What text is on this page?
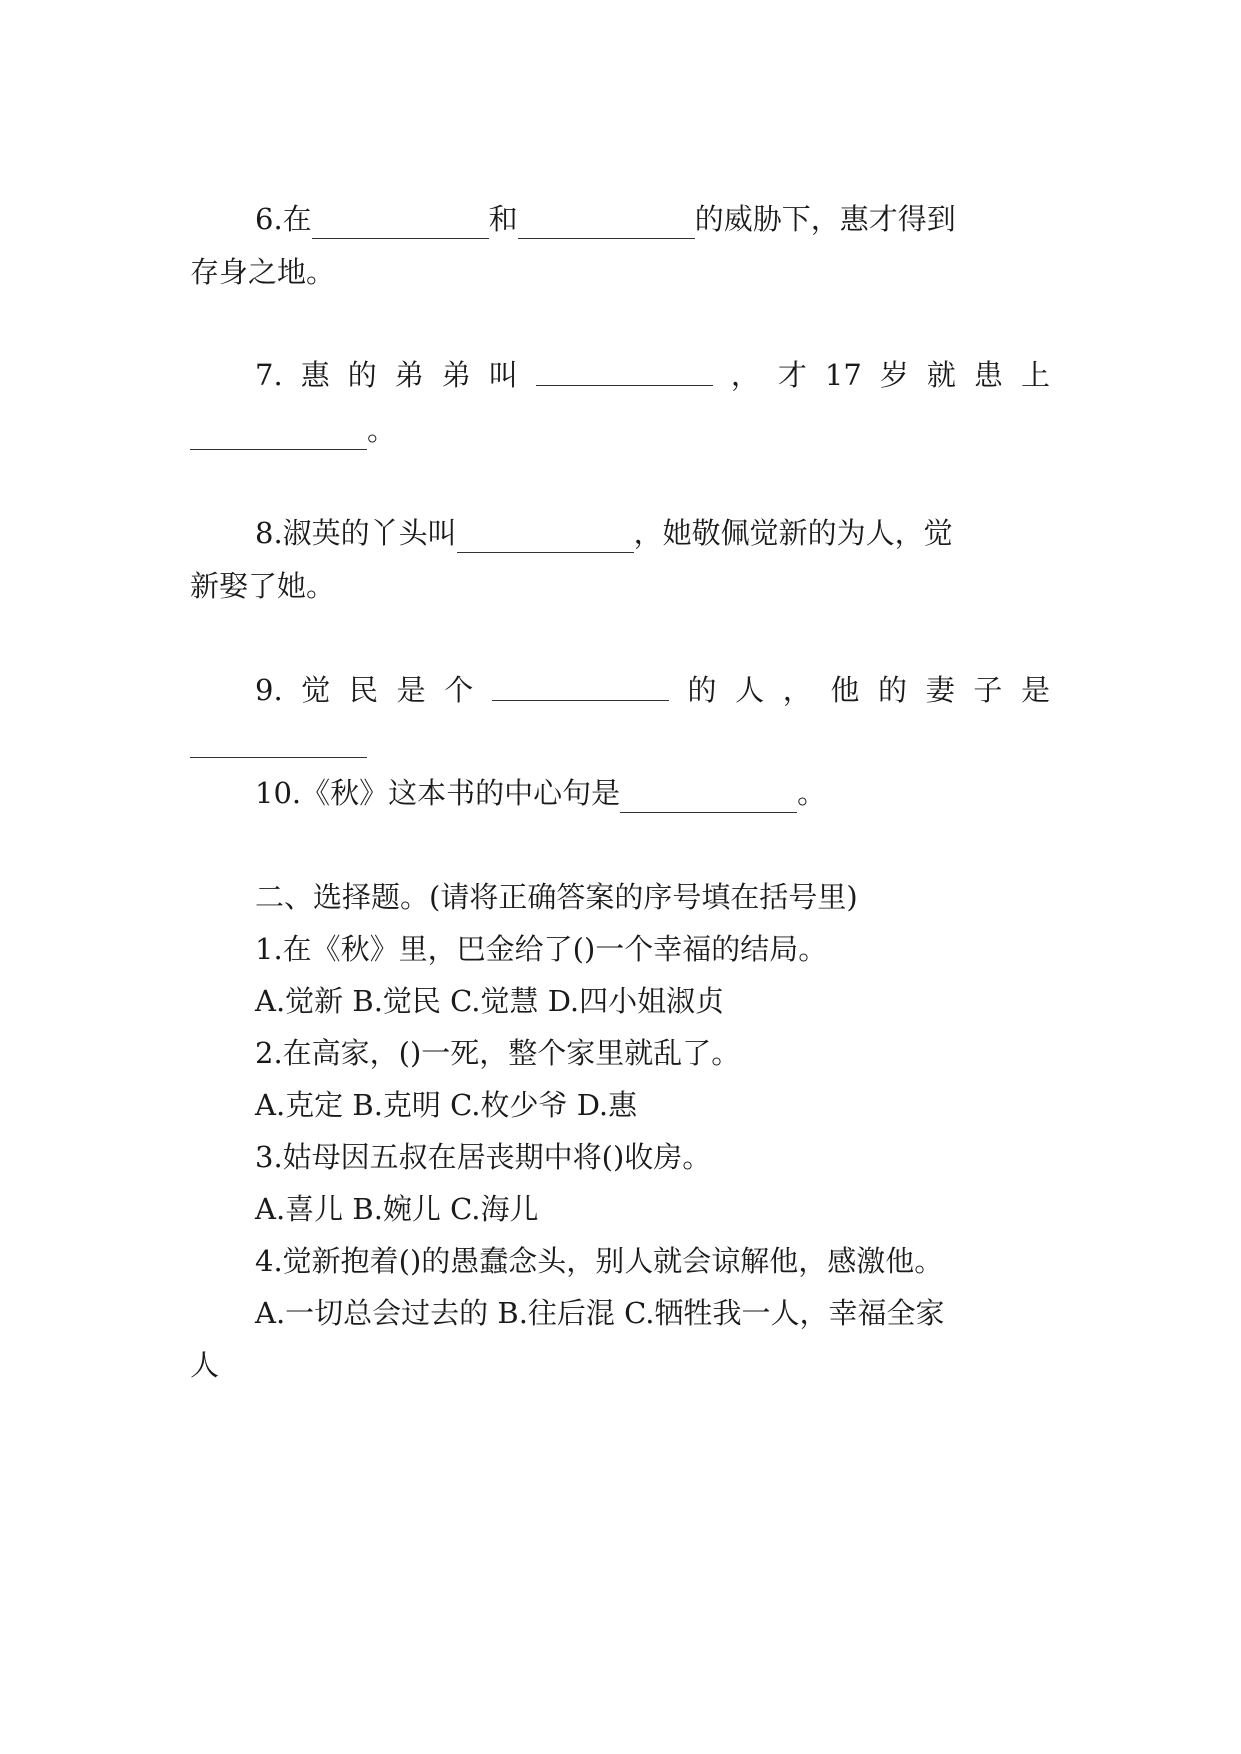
6.在	和	的威胁下，惠才得到
存身之地。
7. 惠 的 弟 弟 叫	， 才 17 岁 就 患 上
。
8.淑英的丫头叫	，她敬佩觉新的为人，觉
新娶了她。
9. 觉 民 是 个	的 人 ， 他 的 妻 子 是
10.《秋》这本书的中心句是	。
二、选择题。(请将正确答案的序号填在括号里)
1.在《秋》里，巴金给了()一个幸福的结局。
A.觉新 B.觉民 C.觉慧 D.四小姐淑贞
2.在高家，()一死，整个家里就乱了。
A.克定 B.克明 C.枚少爷 D.惠
3.姑母因五叔在居丧期中将()收房。
A.喜儿 B.婉儿 C.海儿
4.觉新抱着()的愚蠢念头，别人就会谅解他，感激他。
A.一切总会过去的 B.往后混 C.牺牲我一人，幸福全家
人
